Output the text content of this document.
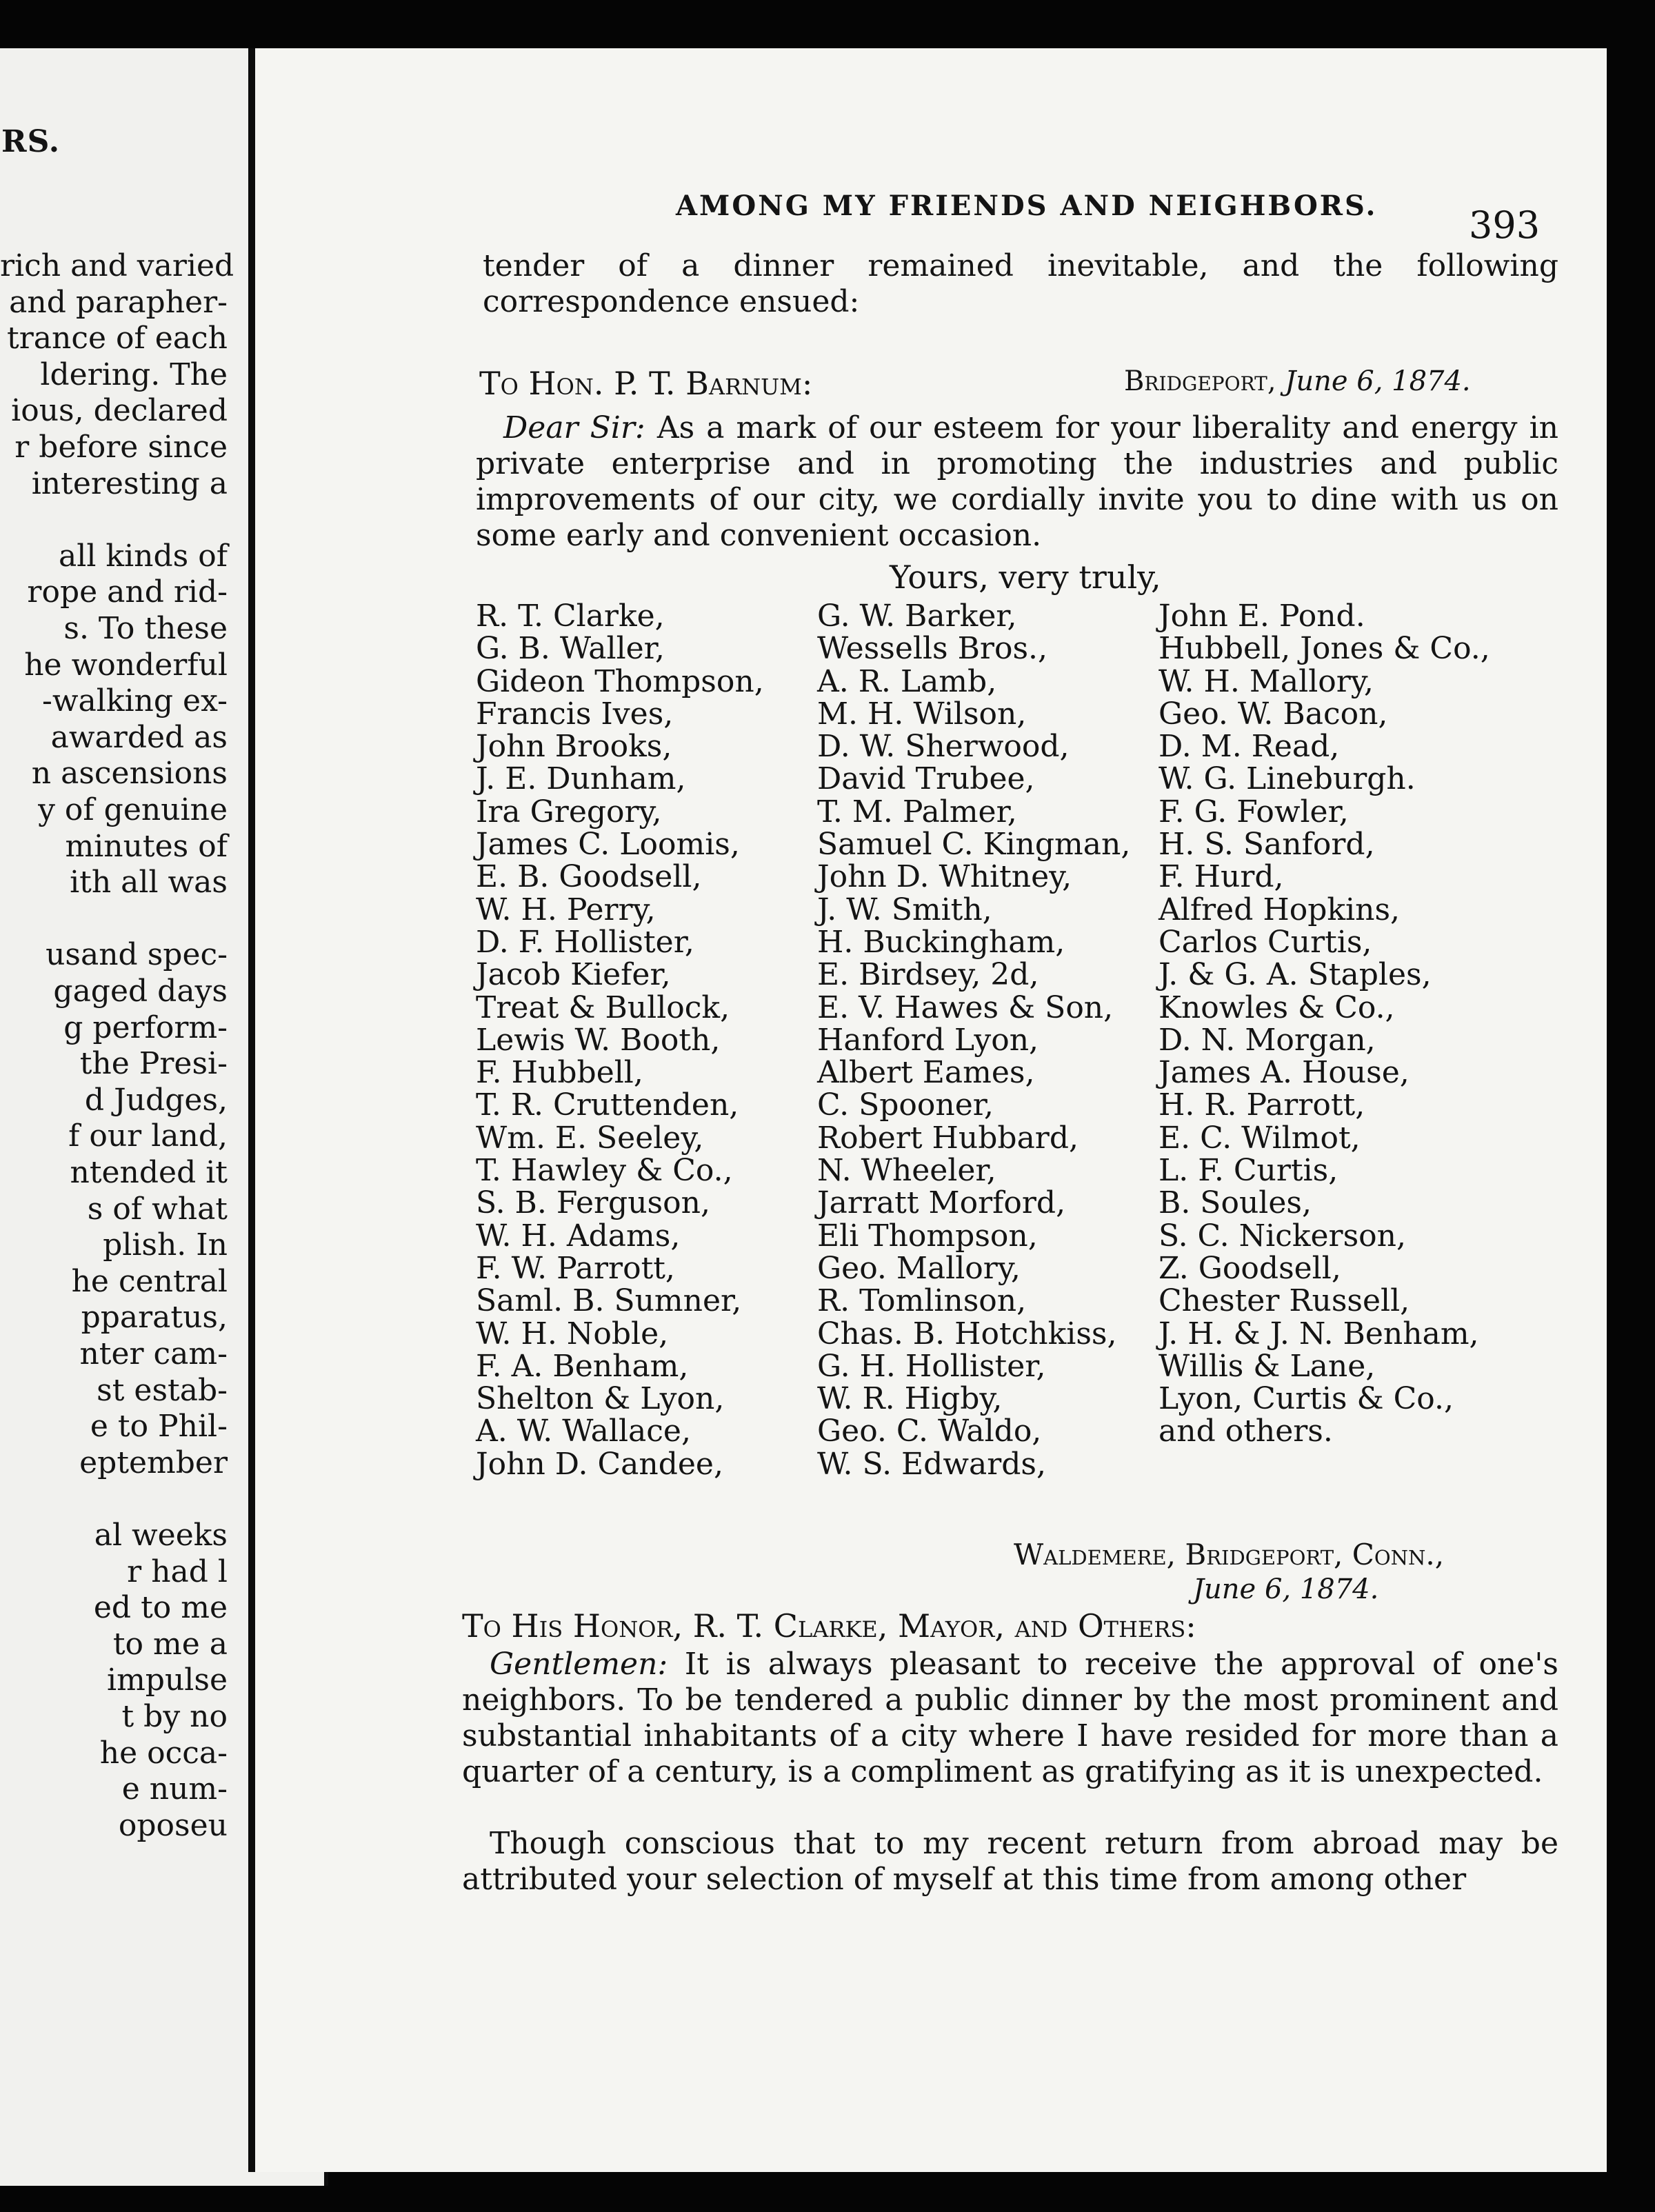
RS.
rich and varied
and parapher-
trance of each
ldering. The
ious, declared
r before since
interesting a
all kinds of
rope and rid-
s. To these
he wonderful
-walking ex-
awarded as
n ascensions
y of genuine
minutes of
ith all was
usand spec-
gaged days
g perform-
the Presi-
d Judges,
f our land,
ntended it
s of what
plish. In
he central
pparatus,
nter cam-
st estab-
e to Phil-
eptember
al weeks
r had l
ed to me
to me a
impulse
t by no
he occa-
e num-
oposeu
AMONG MY FRIENDS AND NEIGHBORS. 393
tender of a dinner remained inevitable, and the following correspondence ensued:
To Hon. P. T. Barnum:	Bridgeport, June 6, 1874.
Dear Sir: As a mark of our esteem for your liberality and energy in private enterprise and in promoting the industries and public improvements of our city, we cordially invite you to dine with us on some early and convenient occasion.
Yours, very truly,
R. T. Clarke,
G. B. Waller,
Gideon Thompson,
Francis Ives,
John Brooks,
J. E. Dunham,
Ira Gregory,
James C. Loomis,
E. B. Goodsell,
W. H. Perry,
D. F. Hollister,
Jacob Kiefer,
Treat & Bullock,
Lewis W. Booth,
F. Hubbell,
T. R. Cruttenden,
Wm. E. Seeley,
T. Hawley & Co.,
S. B. Ferguson,
W. H. Adams,
F. W. Parrott,
Saml. B. Sumner,
W. H. Noble,
F. A. Benham,
Shelton & Lyon,
A. W. Wallace,
John D. Candee,
G. W. Barker,
Wessells Bros.,
A. R. Lamb,
M. H. Wilson,
D. W. Sherwood,
David Trubee,
T. M. Palmer,
Samuel C. Kingman,
John D. Whitney,
J. W. Smith,
H. Buckingham,
E. Birdsey, 2d,
E. V. Hawes & Son,
Hanford Lyon,
Albert Eames,
C. Spooner,
Robert Hubbard,
N. Wheeler,
Jarratt Morford,
Eli Thompson,
Geo. Mallory,
R. Tomlinson,
Chas. B. Hotchkiss,
G. H. Hollister,
W. R. Higby,
Geo. C. Waldo,
W. S. Edwards,
John E. Pond.
Hubbell, Jones & Co.,
W. H. Mallory,
Geo. W. Bacon,
D. M. Read,
W. G. Lineburgh.
F. G. Fowler,
H. S. Sanford,
F. Hurd,
Alfred Hopkins,
Carlos Curtis,
J. & G. A. Staples,
Knowles & Co.,
D. N. Morgan,
James A. House,
H. R. Parrott,
E. C. Wilmot,
L. F. Curtis,
B. Soules,
S. C. Nickerson,
Z. Goodsell,
Chester Russell,
J. H. & J. N. Benham,
Willis & Lane,
Lyon, Curtis & Co.,
and others.
Waldemere, Bridgeport, Conn.,
June 6, 1874.
To His Honor, R. T. Clarke, Mayor, and Others:
Gentlemen: It is always pleasant to receive the approval of one's neighbors. To be tendered a public dinner by the most prominent and substantial inhabitants of a city where I have resided for more than a quarter of a century, is a compliment as gratifying as it is unexpected.
Though conscious that to my recent return from abroad may be attributed your selection of myself at this time from among other
